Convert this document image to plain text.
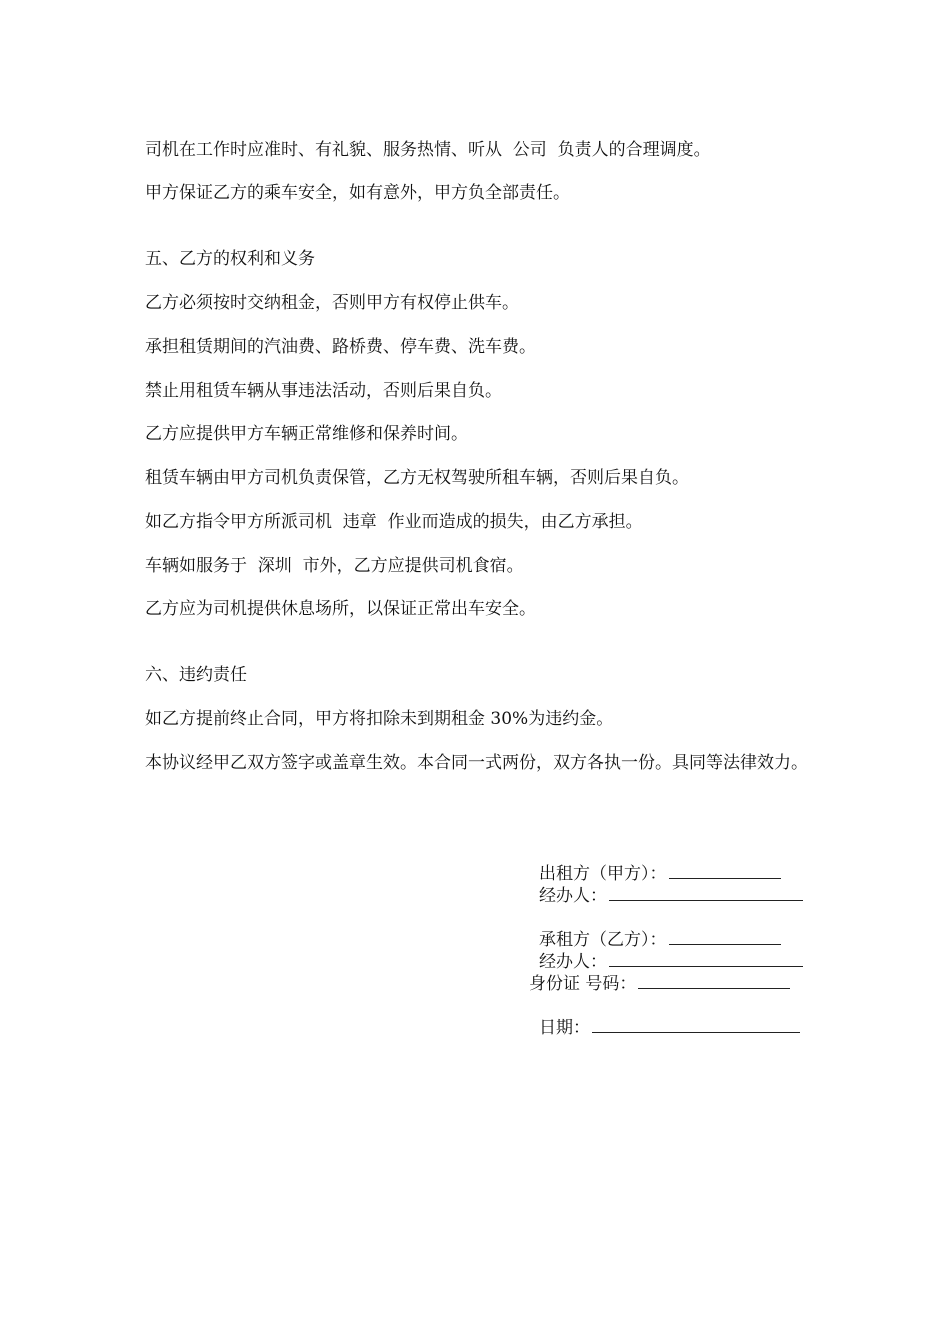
司机在工作时应准时、有礼貌、服务热情、听从  公司  负责人的合理调度。

甲方保证乙方的乘车安全，如有意外，甲方负全部责任。

五、乙方的权利和义务

乙方必须按时交纳租金，否则甲方有权停止供车。

承担租赁期间的汽油费、路桥费、停车费、洗车费。

禁止用租赁车辆从事违法活动，否则后果自负。

乙方应提供甲方车辆正常维修和保养时间。

租赁车辆由甲方司机负责保管，乙方无权驾驶所租车辆，否则后果自负。

如乙方指令甲方所派司机  违章  作业而造成的损失，由乙方承担。

车辆如服务于  深圳  市外，乙方应提供司机食宿。

乙方应为司机提供休息场所，以保证正常出车安全。

六、违约责任

如乙方提前终止合同，甲方将扣除未到期租金 30%为违约金。

本协议经甲乙双方签字或盖章生效。本合同一式两份，双方各执一份。具同等法律效力。

出租方（甲方）：
经办人：
承租方（乙方）：
经办人：
身份证 号码：
日期：
